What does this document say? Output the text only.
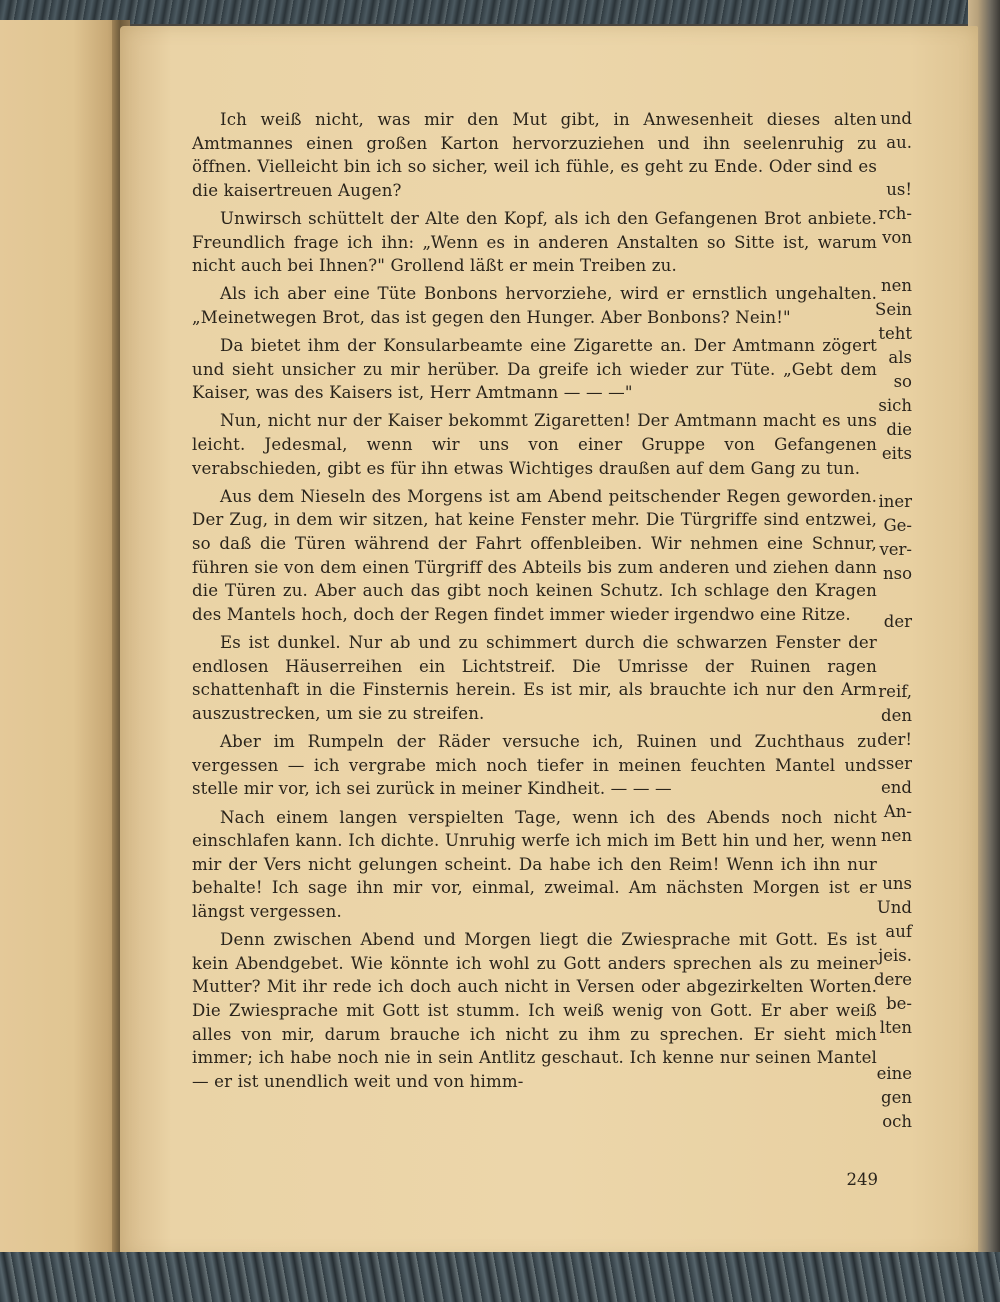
und
au.
us!
rch-
von
nen
Sein
teht
als
so
sich
die
eits
iner
Ge-
ver-
nso
der
reif,
den
der!
sser
end
An-
nen
uns
Und
auf
jeis.
dere
be-
lten
eine
gen
och

Ich weiß nicht, was mir den Mut gibt, in Anwesenheit dieses alten Amtmannes einen großen Karton hervorzuziehen und ihn seelenruhig zu öffnen. Vielleicht bin ich so sicher, weil ich fühle, es geht zu Ende. Oder sind es die kaisertreuen Augen?

Unwirsch schüttelt der Alte den Kopf, als ich den Gefangenen Brot anbiete. Freundlich frage ich ihn: „Wenn es in anderen Anstalten so Sitte ist, warum nicht auch bei Ihnen?" Grollend läßt er mein Treiben zu.

Als ich aber eine Tüte Bonbons hervorziehe, wird er ernstlich ungehalten. „Meinetwegen Brot, das ist gegen den Hunger. Aber Bonbons? Nein!"

Da bietet ihm der Konsularbeamte eine Zigarette an. Der Amtmann zögert und sieht unsicher zu mir herüber. Da greife ich wieder zur Tüte. „Gebt dem Kaiser, was des Kaisers ist, Herr Amtmann — — —"

Nun, nicht nur der Kaiser bekommt Zigaretten! Der Amtmann macht es uns leicht. Jedesmal, wenn wir uns von einer Gruppe von Gefangenen verabschieden, gibt es für ihn etwas Wichtiges draußen auf dem Gang zu tun.

Aus dem Nieseln des Morgens ist am Abend peitschender Regen geworden. Der Zug, in dem wir sitzen, hat keine Fenster mehr. Die Türgriffe sind entzwei, so daß die Türen während der Fahrt offenbleiben. Wir nehmen eine Schnur, führen sie von dem einen Türgriff des Abteils bis zum anderen und ziehen dann die Türen zu. Aber auch das gibt noch keinen Schutz. Ich schlage den Kragen des Mantels hoch, doch der Regen findet immer wieder irgendwo eine Ritze.

Es ist dunkel. Nur ab und zu schimmert durch die schwarzen Fenster der endlosen Häuserreihen ein Lichtstreif. Die Umrisse der Ruinen ragen schattenhaft in die Finsternis herein. Es ist mir, als brauchte ich nur den Arm auszustrecken, um sie zu streifen.

Aber im Rumpeln der Räder versuche ich, Ruinen und Zuchthaus zu vergessen — ich vergrabe mich noch tiefer in meinen feuchten Mantel und stelle mir vor, ich sei zurück in meiner Kindheit. — — —

Nach einem langen verspielten Tage, wenn ich des Abends noch nicht einschlafen kann. Ich dichte. Unruhig werfe ich mich im Bett hin und her, wenn mir der Vers nicht gelungen scheint. Da habe ich den Reim! Wenn ich ihn nur behalte! Ich sage ihn mir vor, einmal, zweimal. Am nächsten Morgen ist er längst vergessen.

Denn zwischen Abend und Morgen liegt die Zwiesprache mit Gott. Es ist kein Abendgebet. Wie könnte ich wohl zu Gott anders sprechen als zu meiner Mutter? Mit ihr rede ich doch auch nicht in Versen oder abgezirkelten Worten. Die Zwiesprache mit Gott ist stumm. Ich weiß wenig von Gott. Er aber weiß alles von mir, darum brauche ich nicht zu ihm zu sprechen. Er sieht mich immer; ich habe noch nie in sein Antlitz geschaut. Ich kenne nur seinen Mantel — er ist unendlich weit und von himm-

249
